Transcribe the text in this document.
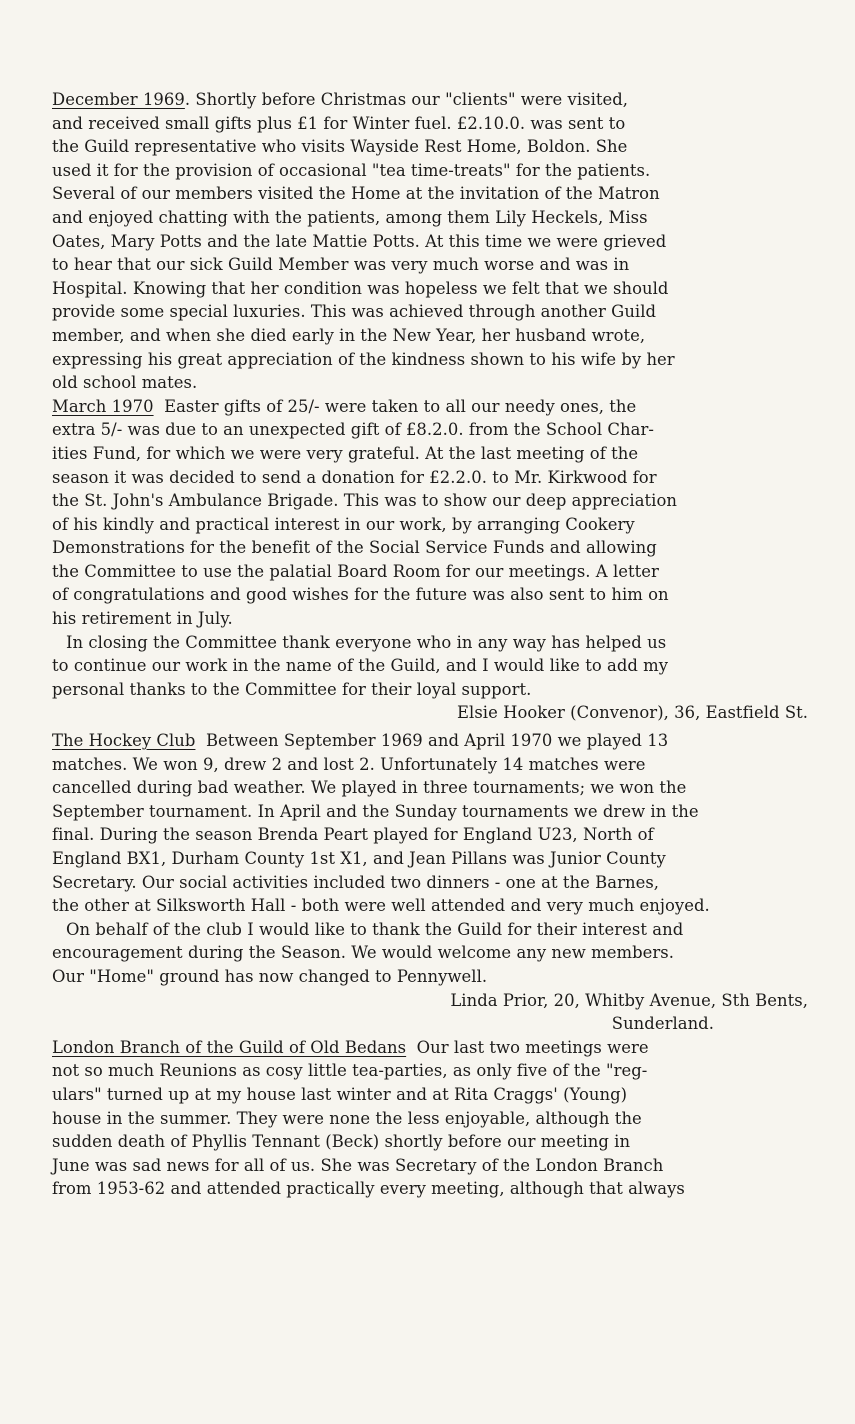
December 1969. Shortly before Christmas our "clients" were visited,
and received small gifts plus £1 for Winter fuel. £2.10.0. was sent to
the Guild representative who visits Wayside Rest Home, Boldon. She
used it for the provision of occasional "tea time-treats" for the patients.
Several of our members visited the Home at the invitation of the Matron
and enjoyed chatting with the patients, among them Lily Heckels, Miss
Oates, Mary Potts and the late Mattie Potts. At this time we were grieved
to hear that our sick Guild Member was very much worse and was in
Hospital. Knowing that her condition was hopeless we felt that we should
provide some special luxuries. This was achieved through another Guild
member, and when she died early in the New Year, her husband wrote,
expressing his great appreciation of the kindness shown to his wife by her
old school mates.
March 1970  Easter gifts of 25/- were taken to all our needy ones, the
extra 5/- was due to an unexpected gift of £8.2.0. from the School Char-
ities Fund, for which we were very grateful. At the last meeting of the
season it was decided to send a donation for £2.2.0. to Mr. Kirkwood for
the St. John's Ambulance Brigade. This was to show our deep appreciation
of his kindly and practical interest in our work, by arranging Cookery
Demonstrations for the benefit of the Social Service Funds and allowing
the Committee to use the palatial Board Room for our meetings. A letter
of congratulations and good wishes for the future was also sent to him on
his retirement in July.
In closing the Committee thank everyone who in any way has helped us
to continue our work in the name of the Guild, and I would like to add my
personal thanks to the Committee for their loyal support.
Elsie Hooker (Convenor), 36, Eastfield St.
The Hockey Club  Between September 1969 and April 1970 we played 13
matches. We won 9, drew 2 and lost 2. Unfortunately 14 matches were
cancelled during bad weather. We played in three tournaments; we won the
September tournament. In April and the Sunday tournaments we drew in the
final. During the season Brenda Peart played for England U23, North of
England BX1, Durham County 1st X1, and Jean Pillans was Junior County
Secretary. Our social activities included two dinners - one at the Barnes,
the other at Silksworth Hall - both were well attended and very much enjoyed.
On behalf of the club I would like to thank the Guild for their interest and
encouragement during the Season. We would welcome any new members.
Our "Home" ground has now changed to Pennywell.
Linda Prior, 20, Whitby Avenue, Sth Bents,
Sunderland.
London Branch of the Guild of Old Bedans  Our last two meetings were
not so much Reunions as cosy little tea-parties, as only five of the "reg-
ulars" turned up at my house last winter and at Rita Craggs' (Young)
house in the summer. They were none the less enjoyable, although the
sudden death of Phyllis Tennant (Beck) shortly before our meeting in
June was sad news for all of us. She was Secretary of the London Branch
from 1953-62 and attended practically every meeting, although that always
